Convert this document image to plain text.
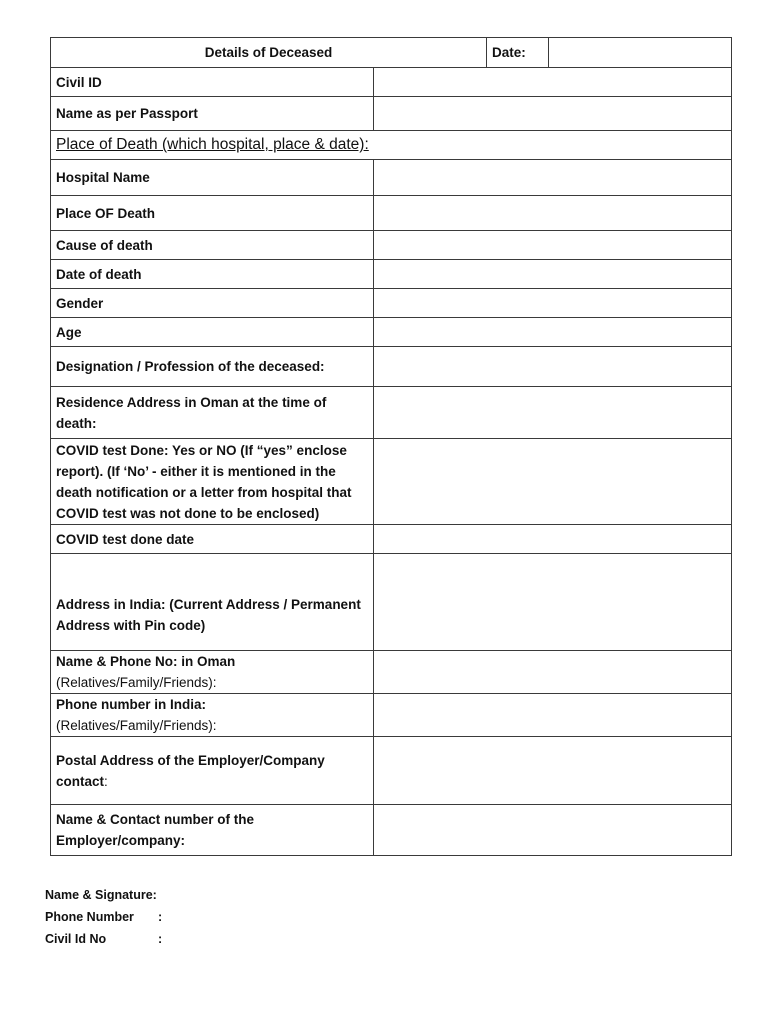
Details of Deceased		Date:	
Civil ID	
Name as per Passport	
Place of Death (which hospital, place & date):			
Hospital Name	
Place OF Death	
Cause of death	
Date of death	
Gender	
Age	
Designation / Profession of the deceased:	
Residence Address in Oman at the time of death:	
COVID test Done: Yes or NO (If “yes” enclose report). (If ‘No’ - either it is mentioned in the death notification or a letter from hospital that COVID test was not done to be enclosed)	
COVID test done date	
Address in India: (Current Address / Permanent Address with Pin code)	

Name & Phone No: in Oman
(Relatives/Family/Friends):

Phone number in India:
(Relatives/Family/Friends):

Postal Address of the Employer/Company contact:	
Name & Contact number of the Employer/company:	
Name & Signature:
Phone Number	:
Civil Id No	:
